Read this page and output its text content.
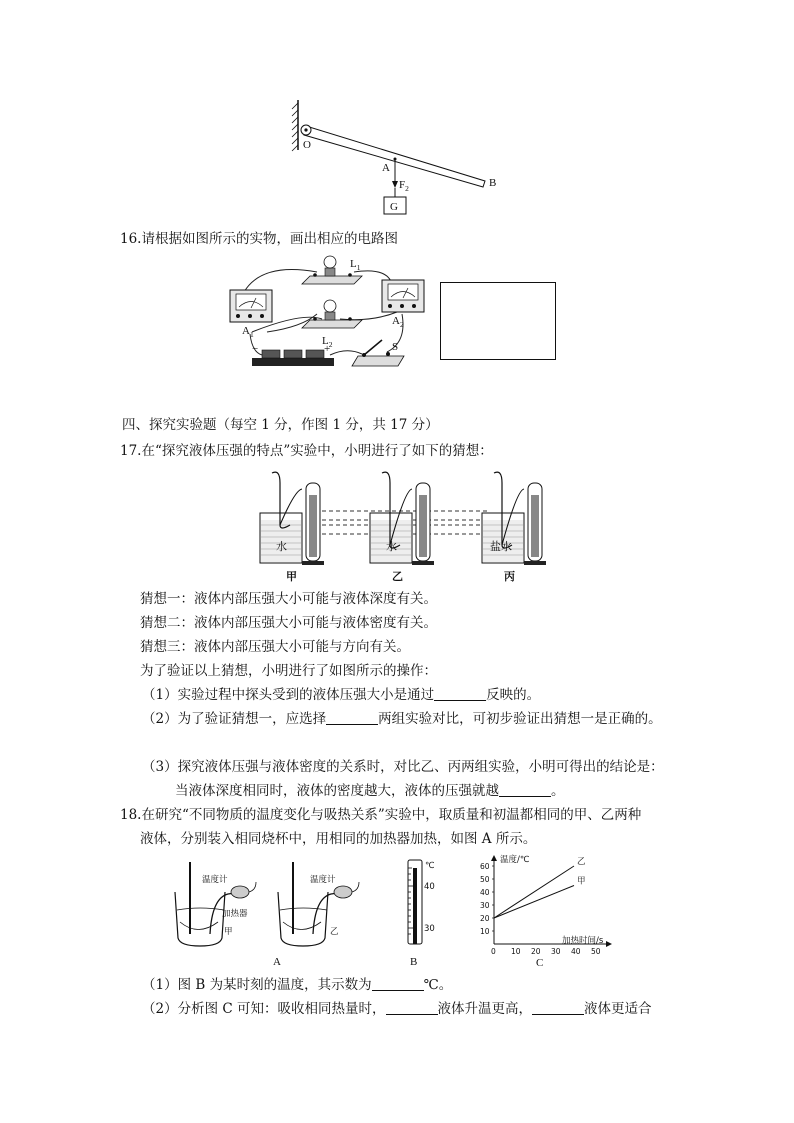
O
A
B
$F_2$
G
16.请根据如图所示的实物，画出相应的电路图
$A_1$
$A_2$
$L_1$
$L_2$
−	+	S
四、探究实验题（每空 1 分，作图 1 分，共 17 分）
17.在“探究液体压强的特点”实验中，小明进行了如下的猜想：
水
甲
水
乙
盐水
丙
猜想一：液体内部压强大小可能与液体深度有关。
猜想二：液体内部压强大小可能与液体密度有关。
猜想三：液体内部压强大小可能与方向有关。
为了验证以上猜想，小明进行了如图所示的操作：
（1）实验过程中探头受到的液体压强大小是通过	反映的。
（2）为了验证猜想一，应选择	两组实验对比，可初步验证出猜想一是正确的。
（3）探究液体压强与液体密度的关系时，对比乙、丙两组实验，小明可得出的结论是：
当液体深度相同时，液体的密度越大，液体的压强就越	。
18.在研究“不同物质的温度变化与吸热关系”实验中，取质量和初温都相同的甲、乙两种
液体，分别装入相同烧杯中，用相同的加热器加热，如图 A 所示。
温度计
加热器
甲
温度计
乙
A
℃
40
30
B
温度/℃
加热时间/s
0 10 20 30 40 50
10
20
30
40
50
60	乙
甲
C
（1）图 B 为某时刻的温度，其示数为	℃。
（2）分析图 C 可知：吸收相同热量时，	液体升温更高，	液体更适合
